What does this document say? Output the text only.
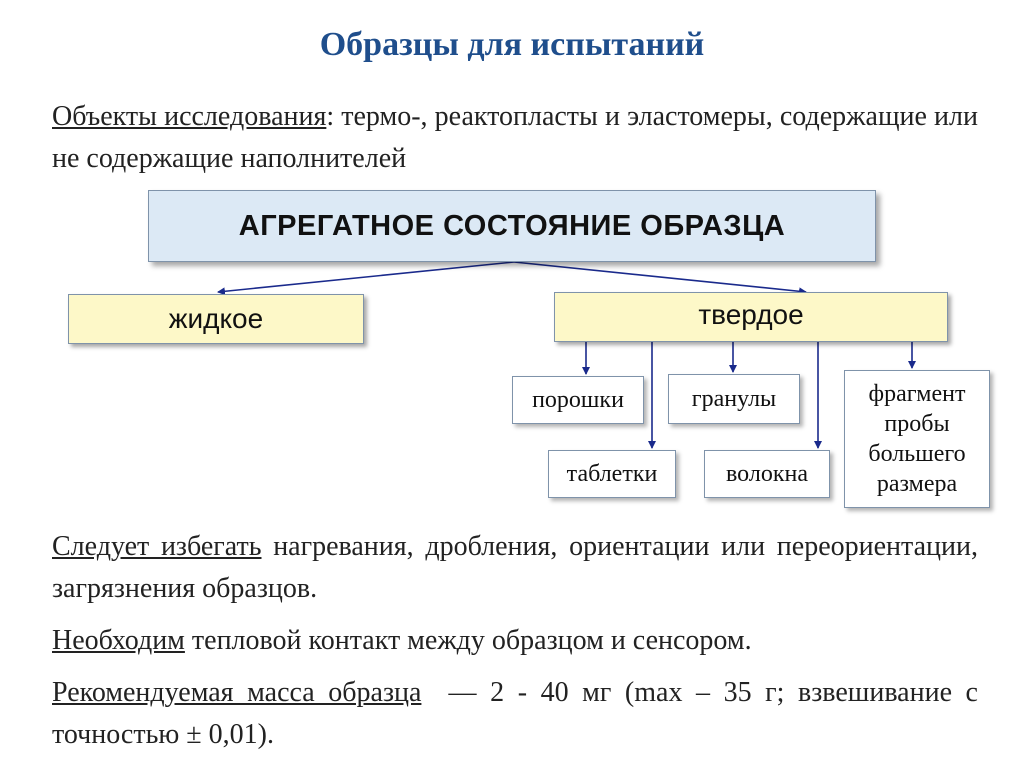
Образцы для испытаний
Объекты исследования: термо-, реактопласты и эластомеры, содержащие или не содержащие наполнителей
АГРЕГАТНОЕ СОСТОЯНИЕ ОБРАЗЦА
жидкое	твердое
порошки	гранулы
таблетки	волокна
фрагмент
пробы
большего
размера
Следует избегать нагревания, дробления, ориентации или переориентации, загрязнения образцов.
Необходим тепловой контакт между образцом и сенсором.
Рекомендуемая масса образца  — 2 - 40 мг (max – 35 г; взвешивание с точностью ± 0,01).
